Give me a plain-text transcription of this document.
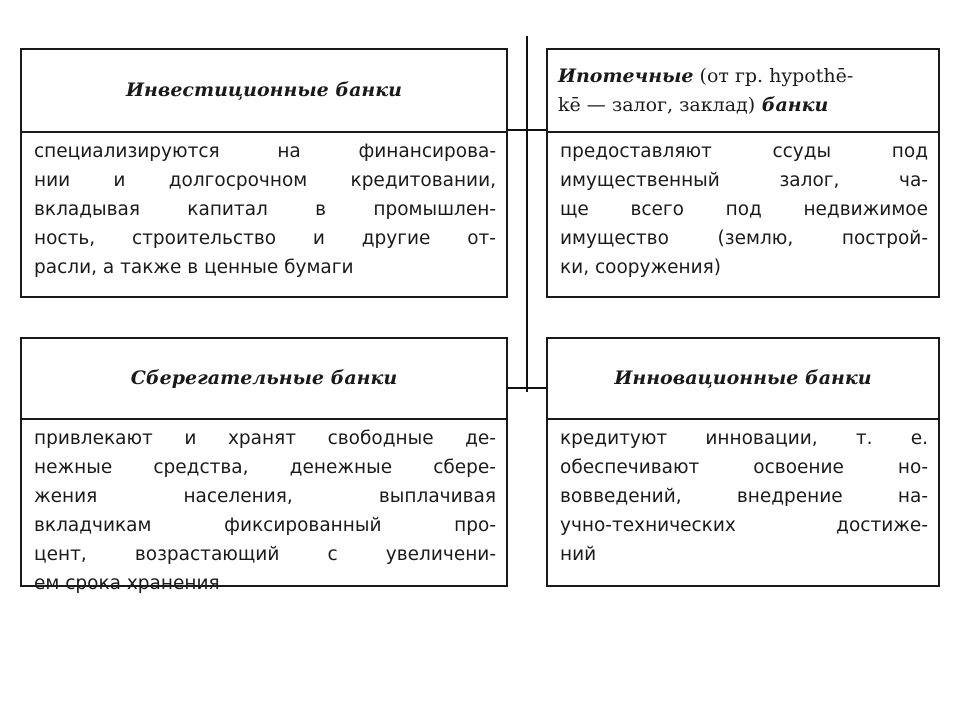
Инвестиционные банки
специализируются на финансирова-
нии и долгосрочном кредитовании,
вкладывая капитал в промышлен-
ность, строительство и другие от-
расли, а также в ценные бумаги
Ипотечные (от гр. hypothē-
kē — залог, заклад) банки
предоставляют ссуды под
имущественный залог, ча-
ще всего под недвижимое
имущество (землю, построй-
ки, сооружения)
Сберегательные банки
привлекают и хранят свободные де-
нежные средства, денежные сбере-
жения населения, выплачивая
вкладчикам фиксированный про-
цент, возрастающий с увеличени-
ем срока хранения
Инновационные банки
кредитуют инновации, т. е.
обеспечивают освоение но-
вовведений, внедрение на-
учно-технических достиже-
ний
